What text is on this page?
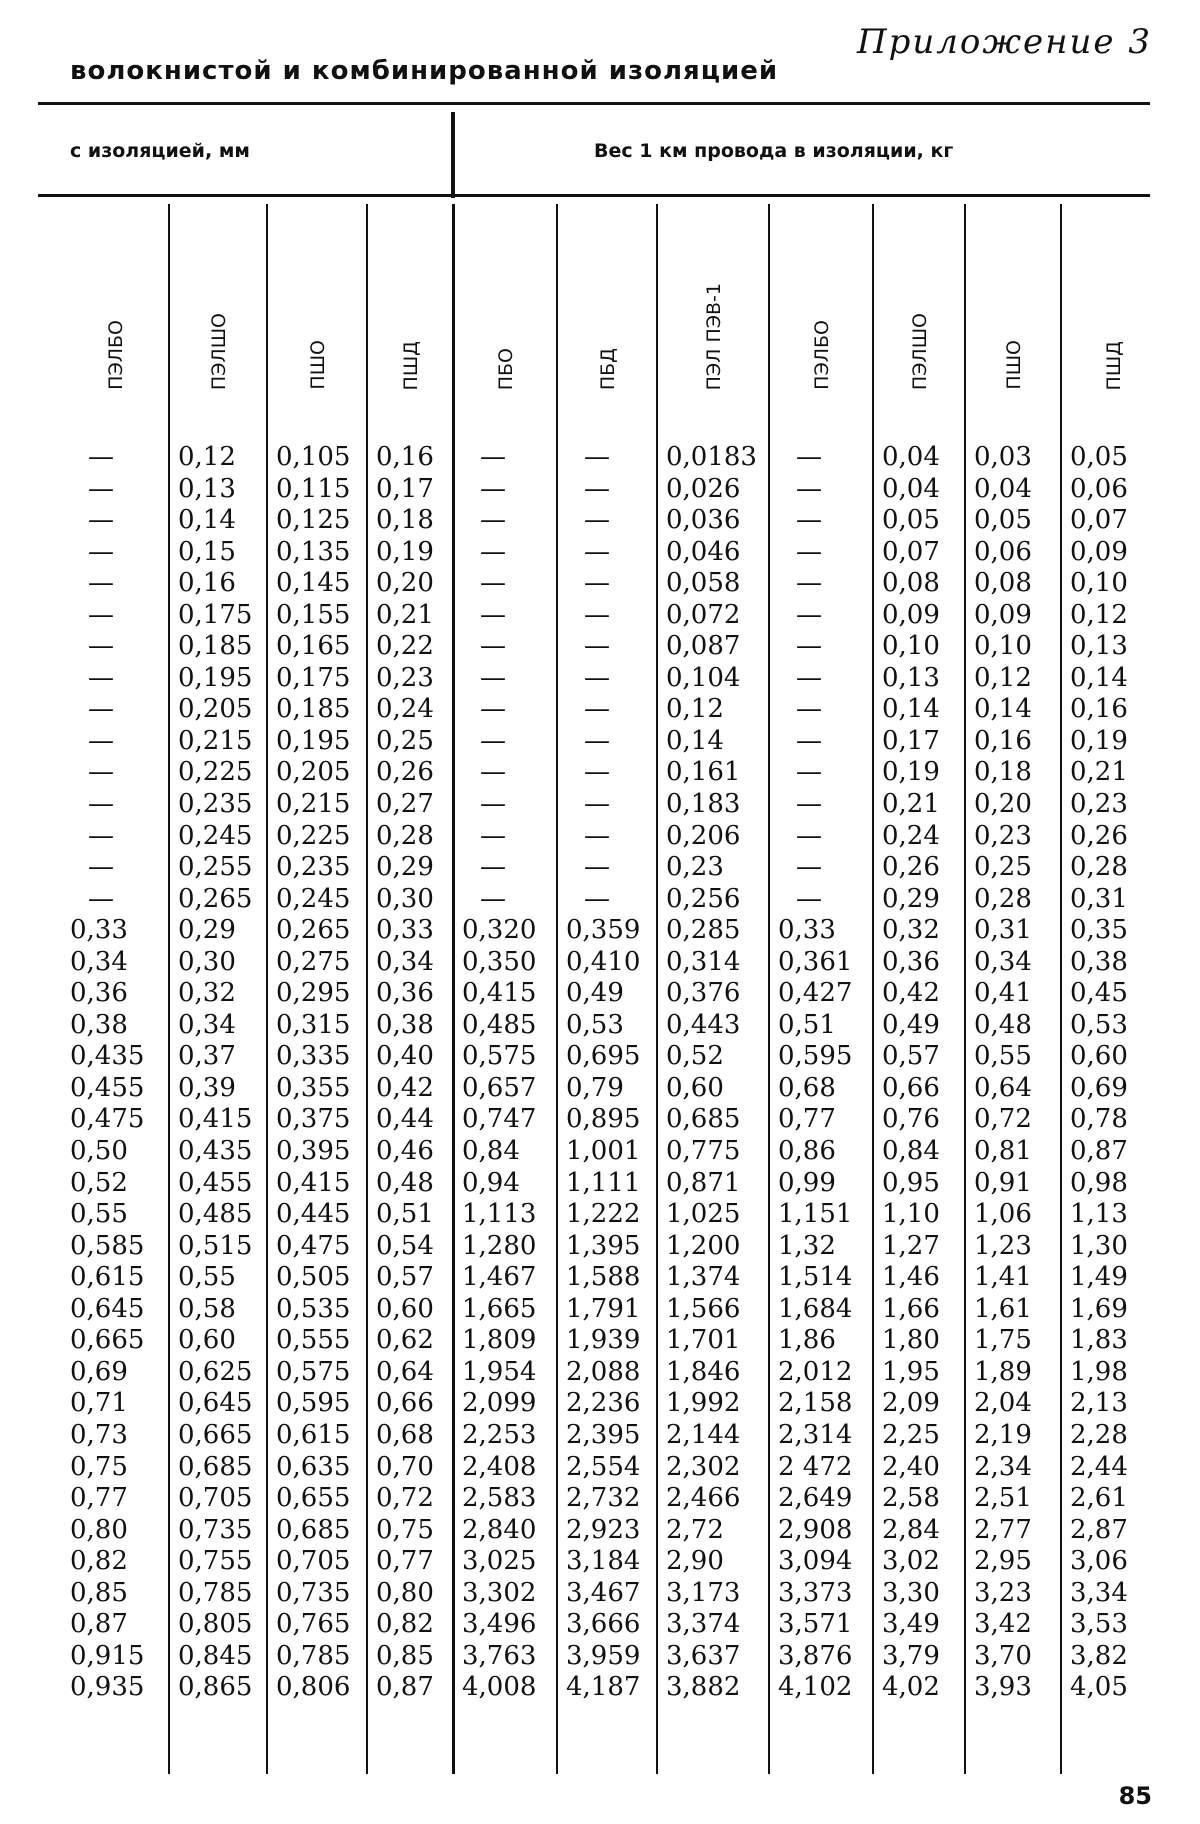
Приложение 3
волокнистой и комбинированной изоляцией
с изоляцией, мм	Вес 1 км провода в изоляции, кг
ПЭЛБО
—
—
—
—
—
—
—
—
—
—
—
—
—
—
—
0,33
0,34
0,36
0,38
0,435
0,455
0,475
0,50
0,52
0,55
0,585
0,615
0,645
0,665
0,69
0,71
0,73
0,75
0,77
0,80
0,82
0,85
0,87
0,915
0,935
ПЭЛШО
0,12
0,13
0,14
0,15
0,16
0,175
0,185
0,195
0,205
0,215
0,225
0,235
0,245
0,255
0,265
0,29
0,30
0,32
0,34
0,37
0,39
0,415
0,435
0,455
0,485
0,515
0,55
0,58
0,60
0,625
0,645
0,665
0,685
0,705
0,735
0,755
0,785
0,805
0,845
0,865
ПШО
0,105
0,115
0,125
0,135
0,145
0,155
0,165
0,175
0,185
0,195
0,205
0,215
0,225
0,235
0,245
0,265
0,275
0,295
0,315
0,335
0,355
0,375
0,395
0,415
0,445
0,475
0,505
0,535
0,555
0,575
0,595
0,615
0,635
0,655
0,685
0,705
0,735
0,765
0,785
0,806
ПШД
0,16
0,17
0,18
0,19
0,20
0,21
0,22
0,23
0,24
0,25
0,26
0,27
0,28
0,29
0,30
0,33
0,34
0,36
0,38
0,40
0,42
0,44
0,46
0,48
0,51
0,54
0,57
0,60
0,62
0,64
0,66
0,68
0,70
0,72
0,75
0,77
0,80
0,82
0,85
0,87
ПБО
—
—
—
—
—
—
—
—
—
—
—
—
—
—
—
0,320
0,350
0,415
0,485
0,575
0,657
0,747
0,84
0,94
1,113
1,280
1,467
1,665
1,809
1,954
2,099
2,253
2,408
2,583
2,840
3,025
3,302
3,496
3,763
4,008
ПБД
—
—
—
—
—
—
—
—
—
—
—
—
—
—
—
0,359
0,410
0,49
0,53
0,695
0,79
0,895
1,001
1,111
1,222
1,395
1,588
1,791
1,939
2,088
2,236
2,395
2,554
2,732
2,923
3,184
3,467
3,666
3,959
4,187
ПЭЛ ПЭВ-1
0,0183
0,026
0,036
0,046
0,058
0,072
0,087
0,104
0,12
0,14
0,161
0,183
0,206
0,23
0,256
0,285
0,314
0,376
0,443
0,52
0,60
0,685
0,775
0,871
1,025
1,200
1,374
1,566
1,701
1,846
1,992
2,144
2,302
2,466
2,72
2,90
3,173
3,374
3,637
3,882
ПЭЛБО
—
—
—
—
—
—
—
—
—
—
—
—
—
—
—
0,33
0,361
0,427
0,51
0,595
0,68
0,77
0,86
0,99
1,151
1,32
1,514
1,684
1,86
2,012
2,158
2,314
2 472
2,649
2,908
3,094
3,373
3,571
3,876
4,102
ПЭЛШО
0,04
0,04
0,05
0,07
0,08
0,09
0,10
0,13
0,14
0,17
0,19
0,21
0,24
0,26
0,29
0,32
0,36
0,42
0,49
0,57
0,66
0,76
0,84
0,95
1,10
1,27
1,46
1,66
1,80
1,95
2,09
2,25
2,40
2,58
2,84
3,02
3,30
3,49
3,79
4,02
ПШО
0,03
0,04
0,05
0,06
0,08
0,09
0,10
0,12
0,14
0,16
0,18
0,20
0,23
0,25
0,28
0,31
0,34
0,41
0,48
0,55
0,64
0,72
0,81
0,91
1,06
1,23
1,41
1,61
1,75
1,89
2,04
2,19
2,34
2,51
2,77
2,95
3,23
3,42
3,70
3,93
ПШД
0,05
0,06
0,07
0,09
0,10
0,12
0,13
0,14
0,16
0,19
0,21
0,23
0,26
0,28
0,31
0,35
0,38
0,45
0,53
0,60
0,69
0,78
0,87
0,98
1,13
1,30
1,49
1,69
1,83
1,98
2,13
2,28
2,44
2,61
2,87
3,06
3,34
3,53
3,82
4,05
85
